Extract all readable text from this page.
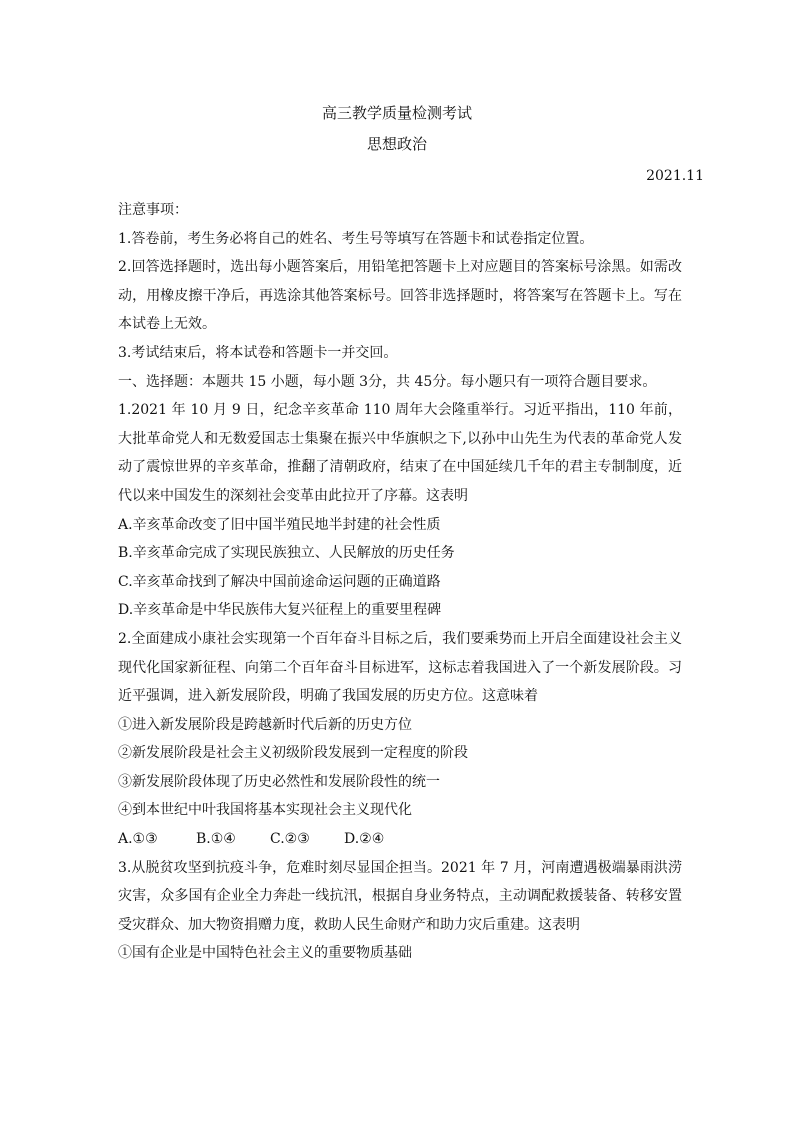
高三教学质量检测考试
思想政治
2021.11

注意事项：

1.答卷前，考生务必将自己的姓名、考生号等填写在答题卡和试卷指定位置。

2.回答选择题时，选出每小题答案后，用铅笔把答题卡上对应题目的答案标号涂黑。如需改动，用橡皮擦干净后，再选涂其他答案标号。回答非选择题时，将答案写在答题卡上。写在本试卷上无效。

3.考试结束后，将本试卷和答题卡一并交回。

一、选择题：本题共 15 小题，每小题 3分，共 45分。每小题只有一项符合题目要求。

1.2021 年 10 月 9 日，纪念辛亥革命 110 周年大会隆重举行。习近平指出，110 年前，大批革命党人和无数爱国志士集聚在振兴中华旗帜之下,以孙中山先生为代表的革命党人发动了震惊世界的辛亥革命，推翻了清朝政府，结束了在中国延续几千年的君主专制制度，近代以来中国发生的深刻社会变革由此拉开了序幕。这表明

A.辛亥革命改变了旧中国半殖民地半封建的社会性质

B.辛亥革命完成了实现民族独立、人民解放的历史任务

C.辛亥革命找到了解决中国前途命运问题的正确道路

D.辛亥革命是中华民族伟大复兴征程上的重要里程碑

2.全面建成小康社会实现第一个百年奋斗目标之后，我们要乘势而上开启全面建设社会主义现代化国家新征程、向第二个百年奋斗目标进军，这标志着我国进入了一个新发展阶段。习近平强调，进入新发展阶段，明确了我国发展的历史方位。这意味着

①进入新发展阶段是跨越新时代后新的历史方位

②新发展阶段是社会主义初级阶段发展到一定程度的阶段

③新发展阶段体现了历史必然性和发展阶段性的统一

④到本世纪中叶我国将基本实现社会主义现代化

A.①③	B.①④	C.②③	D.②④

3.从脱贫攻坚到抗疫斗争，危难时刻尽显国企担当。2021 年 7 月，河南遭遇极端暴雨洪涝灾害，众多国有企业全力奔赴一线抗汛，根据自身业务特点，主动调配救援装备、转移安置受灾群众、加大物资捐赠力度，救助人民生命财产和助力灾后重建。这表明

①国有企业是中国特色社会主义的重要物质基础
